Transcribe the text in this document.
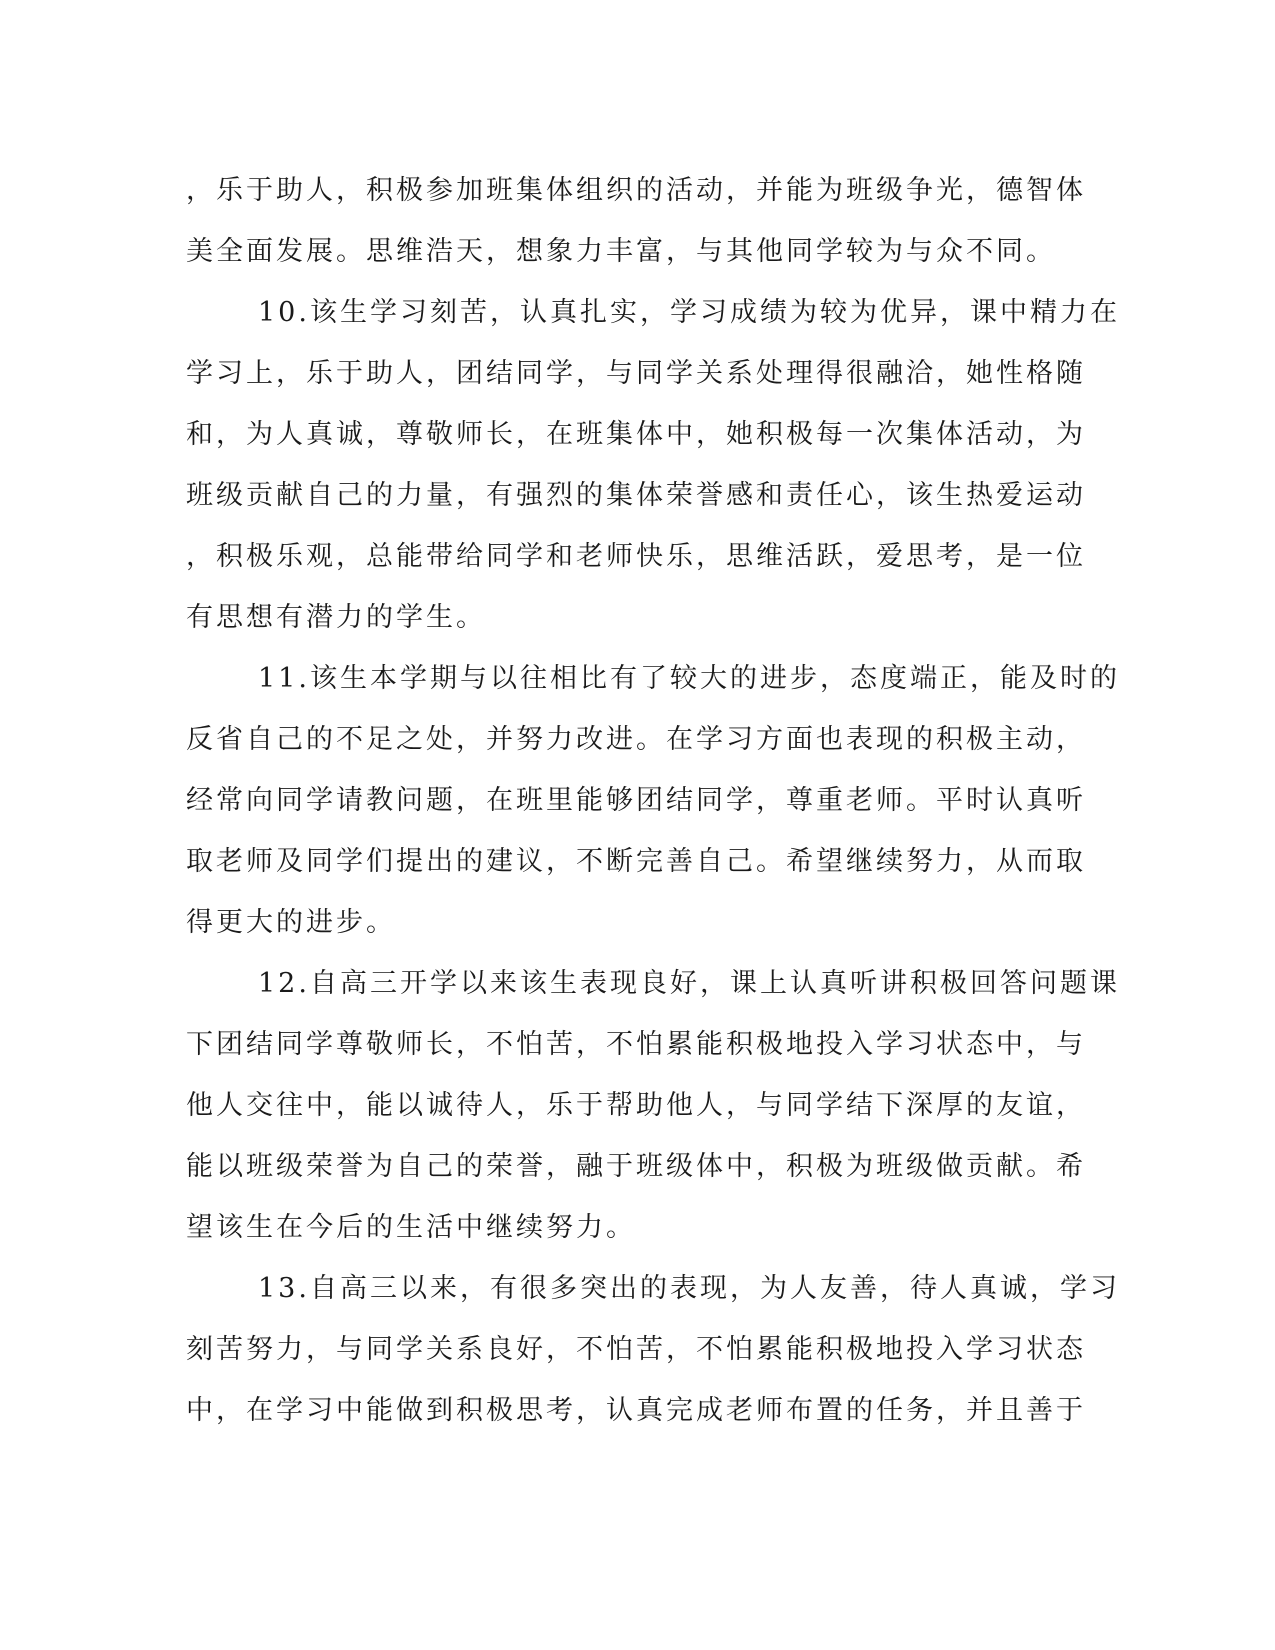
，乐于助人，积极参加班集体组织的活动，并能为班级争光，德智体
美全面发展。思维浩天，想象力丰富，与其他同学较为与众不同。
10.该生学习刻苦，认真扎实，学习成绩为较为优异，课中精力在
学习上，乐于助人，团结同学，与同学关系处理得很融洽，她性格随
和，为人真诚，尊敬师长，在班集体中，她积极每一次集体活动，为
班级贡献自己的力量，有强烈的集体荣誉感和责任心，该生热爱运动
，积极乐观，总能带给同学和老师快乐，思维活跃，爱思考，是一位
有思想有潜力的学生。
11.该生本学期与以往相比有了较大的进步，态度端正，能及时的
反省自己的不足之处，并努力改进。在学习方面也表现的积极主动，
经常向同学请教问题，在班里能够团结同学，尊重老师。平时认真听
取老师及同学们提出的建议，不断完善自己。希望继续努力，从而取
得更大的进步。
12.自高三开学以来该生表现良好，课上认真听讲积极回答问题课
下团结同学尊敬师长，不怕苦，不怕累能积极地投入学习状态中，与
他人交往中，能以诚待人，乐于帮助他人，与同学结下深厚的友谊，
能以班级荣誉为自己的荣誉，融于班级体中，积极为班级做贡献。希
望该生在今后的生活中继续努力。
13.自高三以来，有很多突出的表现，为人友善，待人真诚，学习
刻苦努力，与同学关系良好，不怕苦，不怕累能积极地投入学习状态
中，在学习中能做到积极思考，认真完成老师布置的任务，并且善于
